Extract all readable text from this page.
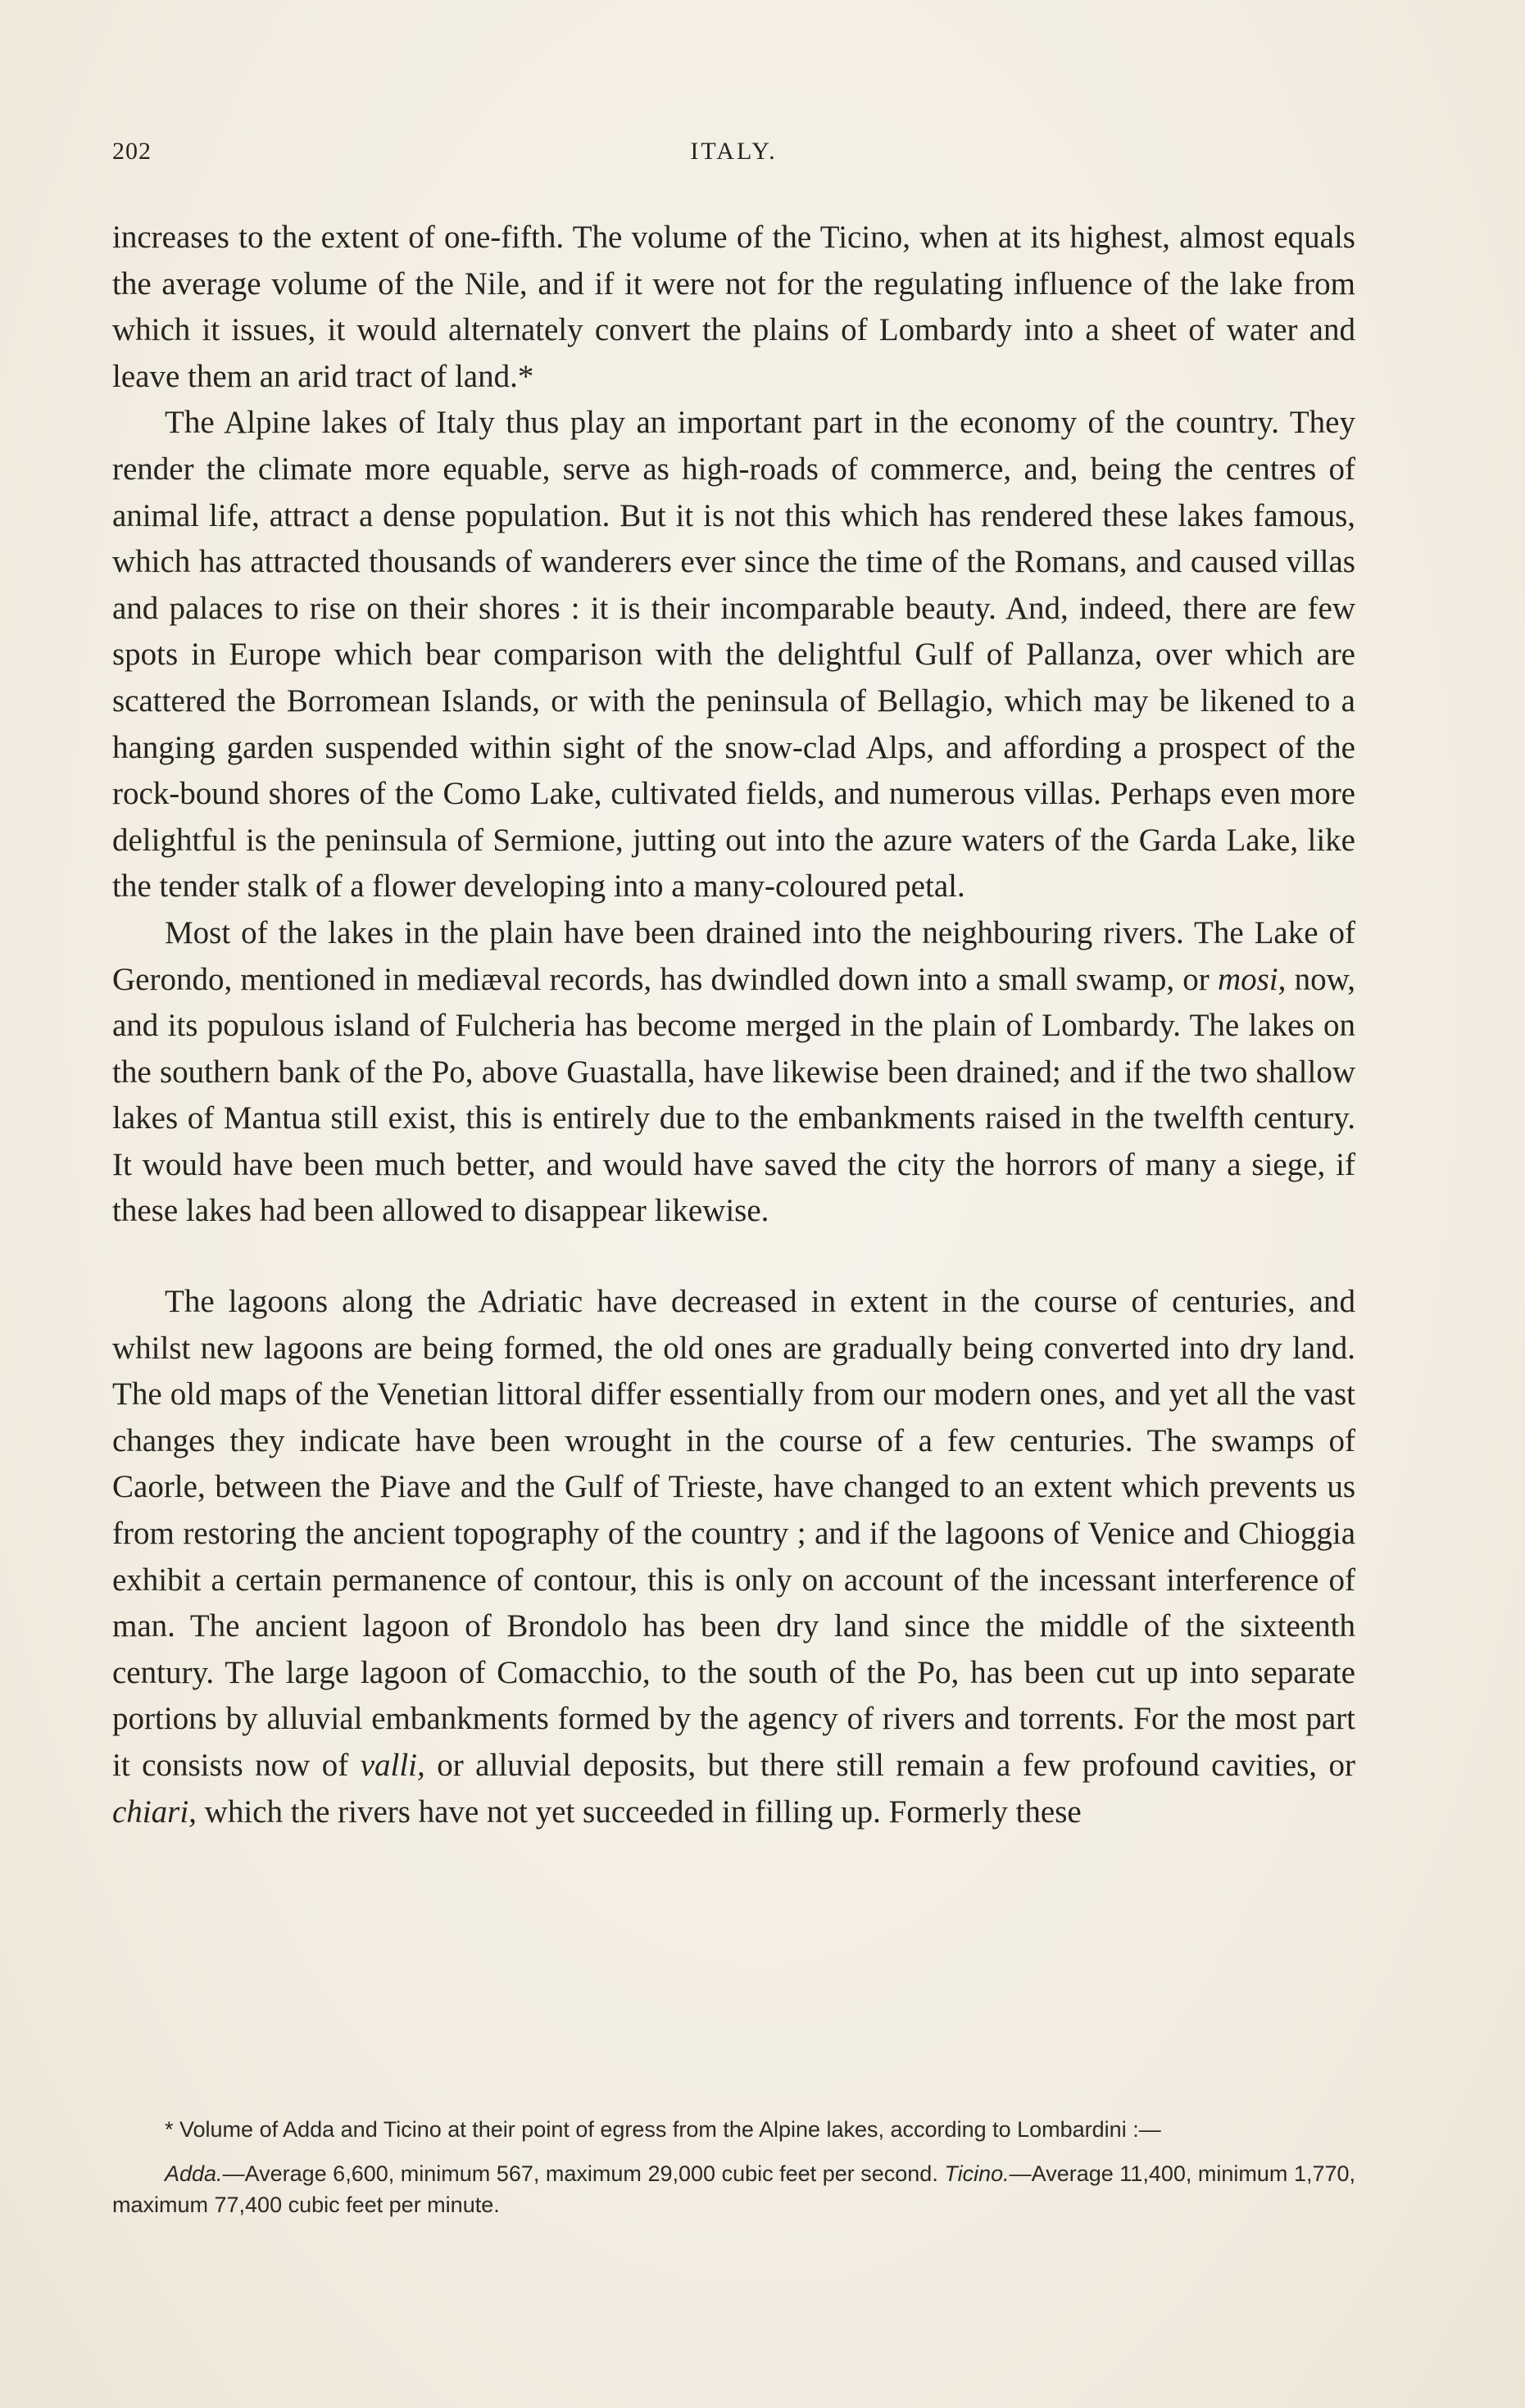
202	ITALY.

increases to the extent of one-fifth. The volume of the Ticino, when at its highest, almost equals the average volume of the Nile, and if it were not for the regulating influence of the lake from which it issues, it would alternately convert the plains of Lombardy into a sheet of water and leave them an arid tract of land.*

The Alpine lakes of Italy thus play an important part in the economy of the country. They render the climate more equable, serve as high-roads of commerce, and, being the centres of animal life, attract a dense population. But it is not this which has rendered these lakes famous, which has attracted thousands of wanderers ever since the time of the Romans, and caused villas and palaces to rise on their shores : it is their incomparable beauty. And, indeed, there are few spots in Europe which bear comparison with the delightful Gulf of Pallanza, over which are scattered the Borromean Islands, or with the peninsula of Bellagio, which may be likened to a hanging garden suspended within sight of the snow-clad Alps, and affording a prospect of the rock-bound shores of the Como Lake, cultivated fields, and numerous villas. Perhaps even more delightful is the peninsula of Sermione, jutting out into the azure waters of the Garda Lake, like the tender stalk of a flower developing into a many-coloured petal.

Most of the lakes in the plain have been drained into the neighbouring rivers. The Lake of Gerondo, mentioned in mediæval records, has dwindled down into a small swamp, or mosi, now, and its populous island of Fulcheria has become merged in the plain of Lombardy. The lakes on the southern bank of the Po, above Guastalla, have likewise been drained; and if the two shallow lakes of Mantua still exist, this is entirely due to the embankments raised in the twelfth century. It would have been much better, and would have saved the city the horrors of many a siege, if these lakes had been allowed to disappear likewise.

The lagoons along the Adriatic have decreased in extent in the course of centuries, and whilst new lagoons are being formed, the old ones are gradually being converted into dry land. The old maps of the Venetian littoral differ essentially from our modern ones, and yet all the vast changes they indicate have been wrought in the course of a few centuries. The swamps of Caorle, between the Piave and the Gulf of Trieste, have changed to an extent which prevents us from restoring the ancient topography of the country ; and if the lagoons of Venice and Chioggia exhibit a certain permanence of contour, this is only on account of the incessant interference of man. The ancient lagoon of Brondolo has been dry land since the middle of the sixteenth century. The large lagoon of Comacchio, to the south of the Po, has been cut up into separate portions by alluvial embankments formed by the agency of rivers and torrents. For the most part it consists now of valli, or alluvial deposits, but there still remain a few profound cavities, or chiari, which the rivers have not yet succeeded in filling up. Formerly these

* Volume of Adda and Ticino at their point of egress from the Alpine lakes, according to Lombardini :—

Adda.—Average 6,600, minimum 567, maximum 29,000 cubic feet per second. Ticino.—Average 11,400, minimum 1,770, maximum 77,400 cubic feet per minute.
